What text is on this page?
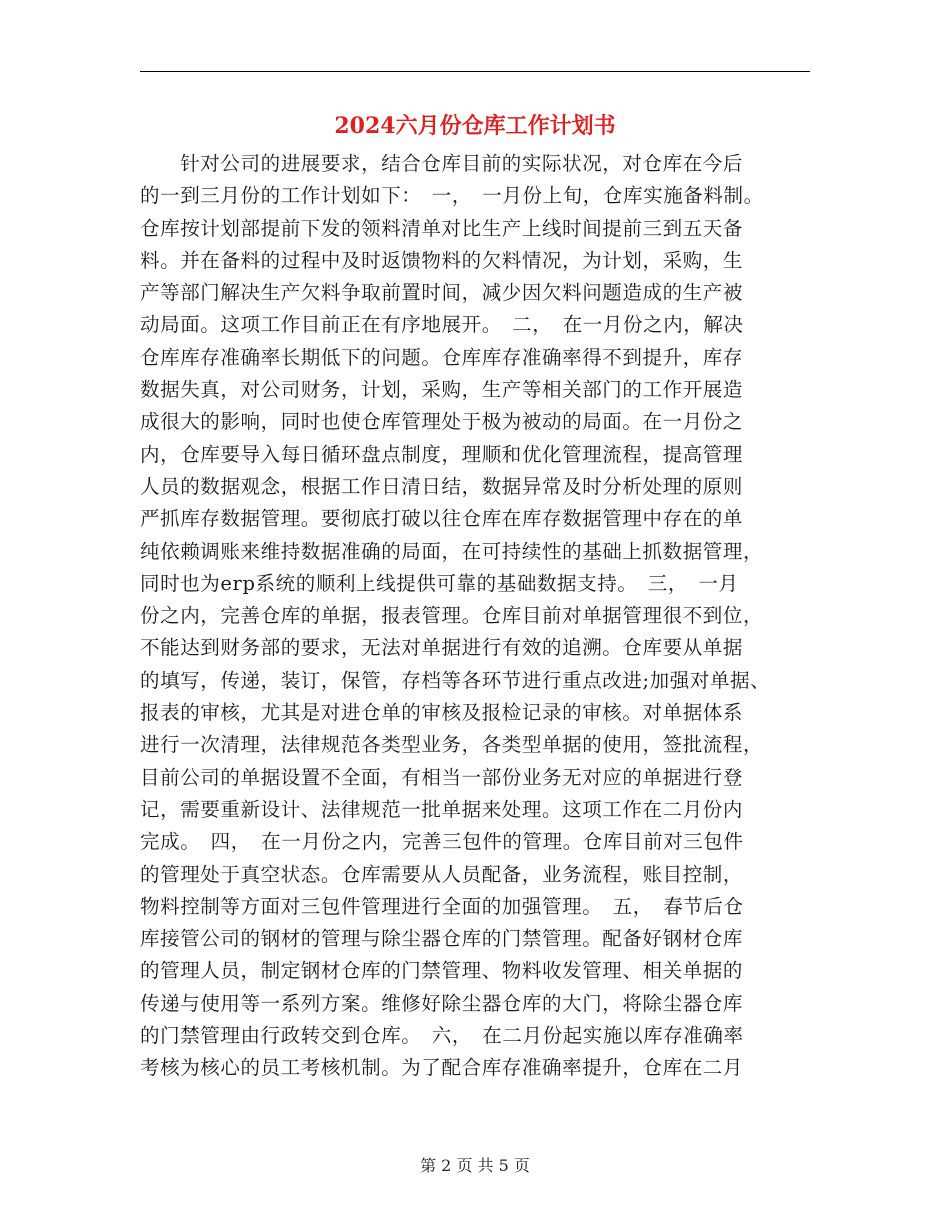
2024六月份仓库工作计划书
　　针对公司的进展要求，结合仓库目前的实际状况，对仓库在今后
的一到三月份的工作计划如下：　一，　一月份上旬，仓库实施备料制。
仓库按计划部提前下发的领料清单对比生产上线时间提前三到五天备
料。并在备料的过程中及时返馈物料的欠料情况，为计划，采购，生
产等部门解决生产欠料争取前置时间，减少因欠料问题造成的生产被
动局面。这项工作目前正在有序地展开。　二，　在一月份之内，解决
仓库库存准确率长期低下的问题。仓库库存准确率得不到提升，库存
数据失真，对公司财务，计划，采购，生产等相关部门的工作开展造
成很大的影响，同时也使仓库管理处于极为被动的局面。在一月份之
内，仓库要导入每日循环盘点制度，理顺和优化管理流程，提高管理
人员的数据观念，根据工作日清日结，数据异常及时分析处理的原则
严抓库存数据管理。要彻底打破以往仓库在库存数据管理中存在的单
纯依赖调账来维持数据准确的局面，在可持续性的基础上抓数据管理，
同时也为erp系统的顺利上线提供可靠的基础数据支持。　三，　一月
份之内，完善仓库的单据，报表管理。仓库目前对单据管理很不到位，
不能达到财务部的要求，无法对单据进行有效的追溯。仓库要从单据
的填写，传递，装订，保管，存档等各环节进行重点改进;加强对单据、
报表的审核，尤其是对进仓单的审核及报检记录的审核。对单据体系
进行一次清理，法律规范各类型业务，各类型单据的使用，签批流程，
目前公司的单据设置不全面，有相当一部份业务无对应的单据进行登
记，需要重新设计、法律规范一批单据来处理。这项工作在二月份内
完成。　四，　在一月份之内，完善三包件的管理。仓库目前对三包件
的管理处于真空状态。仓库需要从人员配备，业务流程，账目控制，
物料控制等方面对三包件管理进行全面的加强管理。　五，　春节后仓
库接管公司的钢材的管理与除尘器仓库的门禁管理。配备好钢材仓库
的管理人员，制定钢材仓库的门禁管理、物料收发管理、相关单据的
传递与使用等一系列方案。维修好除尘器仓库的大门，将除尘器仓库
的门禁管理由行政转交到仓库。　六，　在二月份起实施以库存准确率
考核为核心的员工考核机制。为了配合库存准确率提升，仓库在二月
第 2 页 共 5 页
